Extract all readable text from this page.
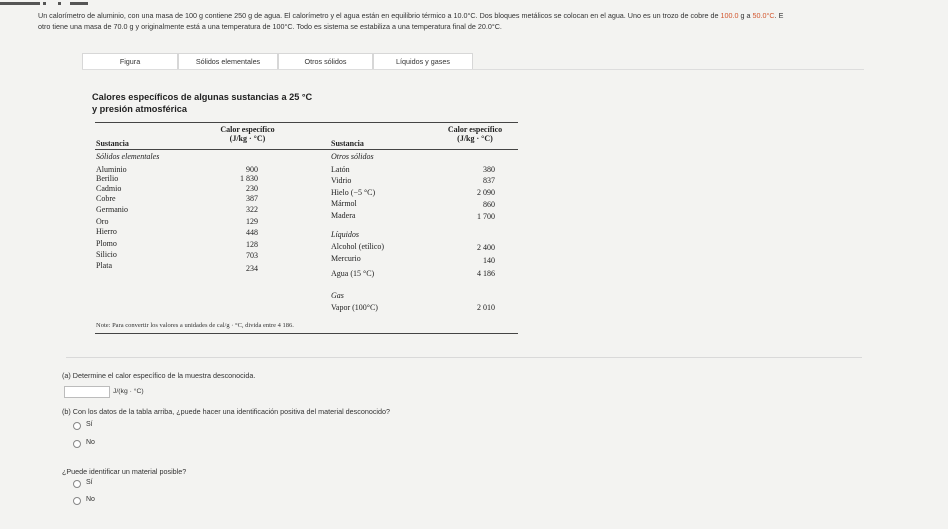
Un calorímetro de aluminio, con una masa de 100 g contiene 250 g de agua. El calorímetro y el agua están en equilibrio térmico a 10.0°C. Dos bloques metálicos se colocan en el agua. Uno es un trozo de cobre de 100.0 g a 50.0°C. E
otro tiene una masa de 70.0 g y originalmente está a una temperatura de 100°C. Todo es sistema se estabiliza a una temperatura final de 20.0°C.
Figura	Sólidos elementales	Otros sólidos	Líquidos y gases
Calores específicos de algunas sustancias a 25 °C
y presión atmosférica
Sustancia
Calor específico
(J/kg · °C)
Sustancia
Calor específico
(J/kg · °C)
Sólidos elementales
Aluminio	900
Berilio	1 830
Cadmio	230
Cobre	387
Germanio	322
Oro	129
Hierro	448
Plomo	128
Silicio	703
Plata	234
Otros sólidos
Latón	380
Vidrio	837
Hielo (−5 °C)	2 090
Mármol	860
Madera	1 700
Líquidos
Alcohol (etílico)	2 400
Mercurio	140
Agua (15 °C)	4 186
Gas
Vapor (100°C)	2 010
Note: Para convertir los valores a unidades de cal/g · °C, divida entre 4 186.
(a) Determine el calor específico de la muestra desconocida.
J/(kg · °C)
(b) Con los datos de la tabla arriba, ¿puede hacer una identificación positiva del material desconocido?
Sí
No
¿Puede identificar un material posible?
Sí
No
